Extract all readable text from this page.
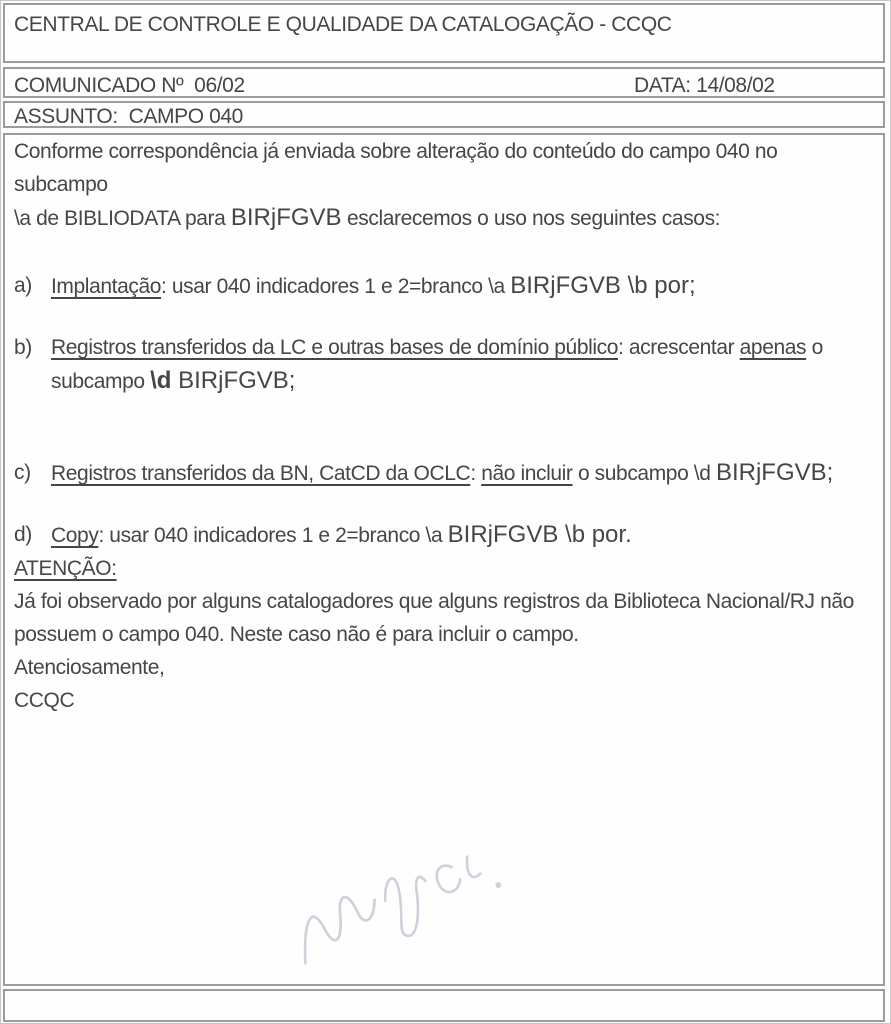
CENTRAL DE CONTROLE E QUALIDADE DA CATALOGAÇÃO - CCQC
COMUNICADO Nº  06/02	DATA: 14/08/02
ASSUNTO:  CAMPO 040

Conforme correspondência já enviada sobre alteração do conteúdo do campo 040 no subcampo
\a de BIBLIODATA para BIRjFGVB esclarecemos o uso nos seguintes casos:

a) Implantação: usar 040 indicadores 1 e 2=branco \a BIRjFGVB \b por;
b) Registros transferidos da LC e outras bases de domínio público: acrescentar apenas o
subcampo \d BIRjFGVB;
c) Registros transferidos da BN, CatCD da OCLC: não incluir o subcampo \d BIRjFGVB;
d) Copy: usar 040 indicadores 1 e 2=branco \a BIRjFGVB \b por.

ATENÇÃO:

Já foi observado por alguns catalogadores que alguns registros da Biblioteca Nacional/RJ não
possuem o campo 040. Neste caso não é para incluir o campo.

Atenciosamente,

CCQC
